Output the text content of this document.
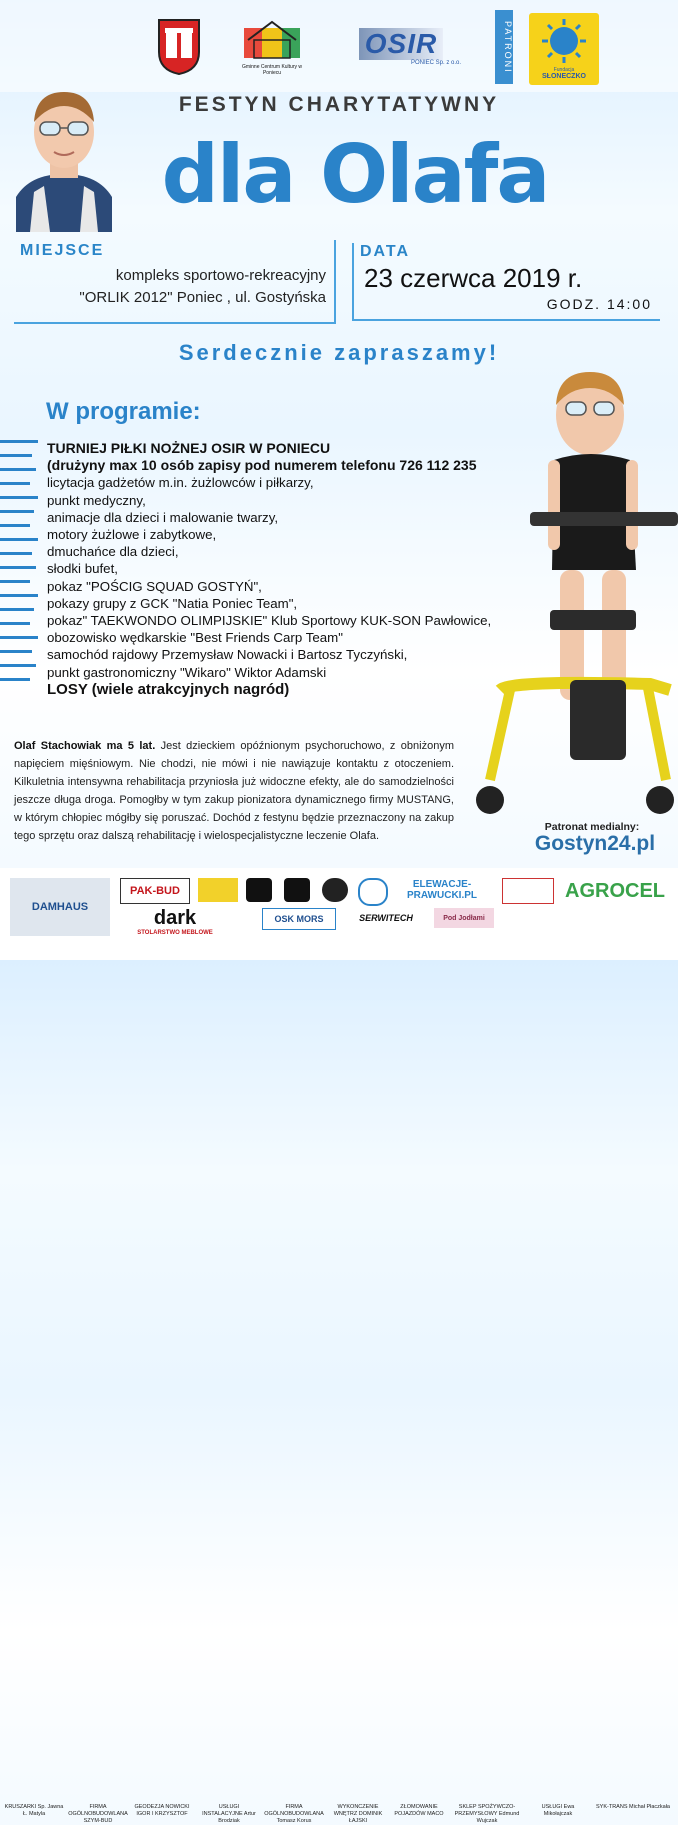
Gminne Centrum Kultury w Poniecu
OSIR
PONIEC Sp. z o.o.	PATRONI	Fundacja
SŁONECZKO
FESTYN CHARYTATYWNY
dla Olafa
MIEJSCE
kompleks sportowo-rekreacyjny
"ORLIK 2012" Poniec , ul. Gostyńska
DATA
23 czerwca 2019 r.
GODZ. 14:00
Serdecznie zapraszamy!
W programie:
TURNIEJ PIŁKI NOŻNEJ OSIR W PONIECU
(drużyny max 10 osób zapisy pod numerem telefonu 726 112 235
licytacja gadżetów m.in. żużlowców i piłkarzy,
punkt medyczny,
animacje dla dzieci i malowanie twarzy,
motory żużlowe i zabytkowe,
dmuchańce dla dzieci,
słodki bufet,
pokaz "POŚCIG SQUAD GOSTYŃ",
pokazy grupy z GCK "Natia Poniec Team",
pokaz" TAEKWONDO OLIMPIJSKIE" Klub Sportowy KUK-SON Pawłowice,
obozowisko wędkarskie "Best Friends Carp Team"
samochód rajdowy Przemysław Nowacki i Bartosz Tyczyński,
punkt gastronomiczny "Wikaro" Wiktor Adamski
LOSY (wiele atrakcyjnych nagród)
Olaf Stachowiak ma 5 lat. Jest dzieckiem opóźnionym psychoruchowo, z obniżonym napięciem mięśniowym. Nie chodzi, nie mówi i nie nawiązuje kontaktu z otoczeniem. Kilkuletnia intensywna rehabilitacja przyniosła już widoczne efekty, ale do samodzielności jeszcze długa droga. Pomogłby w tym zakup pionizatora dynamicznego firmy MUSTANG, w którym chłopiec mógłby się poruszać. Dochód z festynu będzie przeznaczony na zakup tego sprzętu oraz dalszą rehabilitację i wielospecjalistyczne leczenie Olafa.
Patronat medialny:
Gostyn24.pl
DAMHAUS
PAK-BUD
ELEWACJE-PRAWUCKI.PL	AGROCEL
dark
STOLARSTWO MEBLOWE
OSK MORS	SERWITECH	Pod Jodłami
KRUSZARKI Sp. Jawna Ł. Matyla
FIRMA OGÓLNOBUDOWLANA SZYM-BUD
GEODEZJA NOWICKI IGOR I KRZYSZTOF
USŁUGI INSTALACYJNE Artur Brodziak
FIRMA OGÓLNOBUDOWLANA Tomasz Korus
WYKONCZENIE WNĘTRZ DOMINIK ŁAJSKI
ZŁOMOWANIE POJAZDÓW MACO
SKLEP SPOŻYWCZO-PRZEMYSŁOWY Edmund Wujczak
USŁUGI Ewa Mikołajczak
SYK-TRANS Michał Płaczkała
